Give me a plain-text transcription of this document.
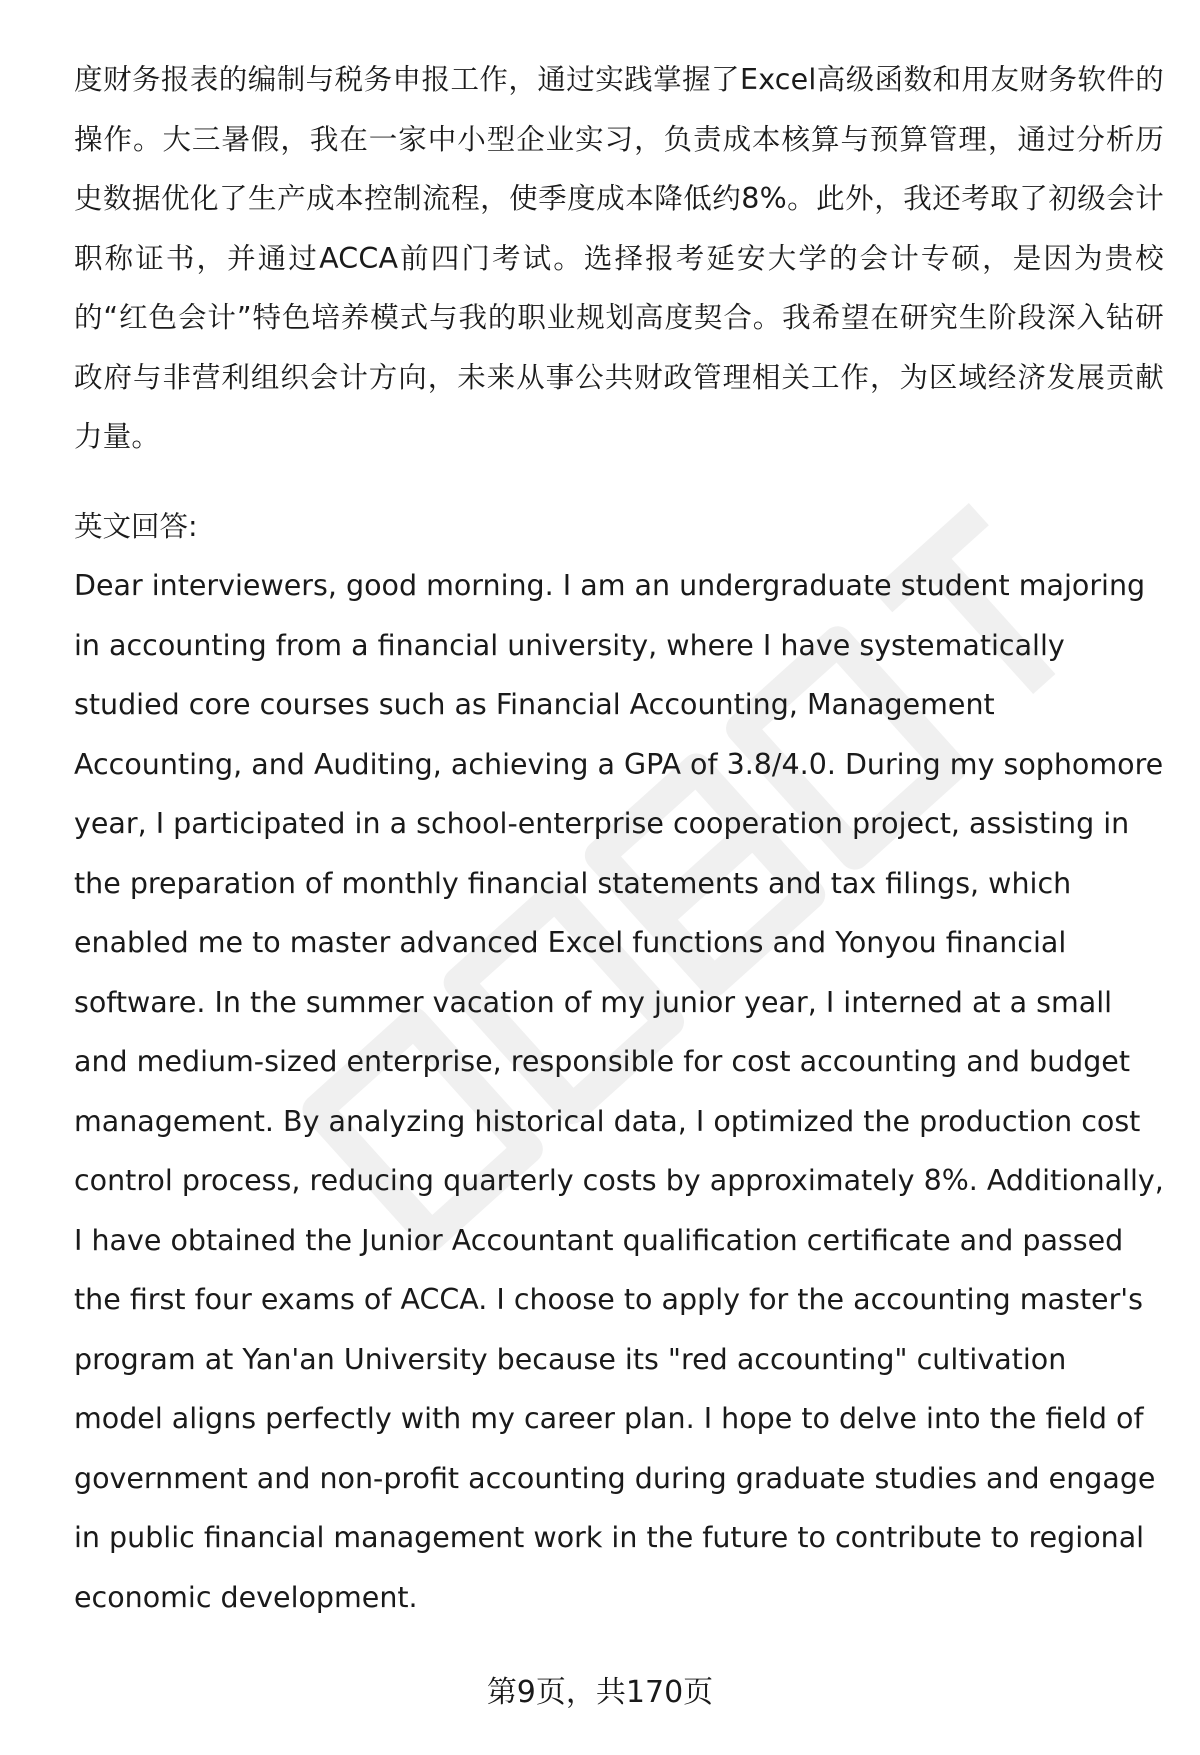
度财务报表的编制与税务申报工作，通过实践掌握了Excel高级函数和用友财务软件的操作。大三暑假，我在一家中小型企业实习，负责成本核算与预算管理，通过分析历史数据优化了生产成本控制流程，使季度成本降低约8%。此外，我还考取了初级会计职称证书，并通过ACCA前四门考试。选择报考延安大学的会计专硕，是因为贵校的“红色会计”特色培养模式与我的职业规划高度契合。我希望在研究生阶段深入钻研政府与非营利组织会计方向，未来从事公共财政管理相关工作，为区域经济发展贡献力量。

英文回答:

Dear interviewers, good morning. I am an undergraduate student majoring in accounting from a financial university, where I have systematically studied core courses such as Financial Accounting, Management Accounting, and Auditing, achieving a GPA of 3.8/4.0. During my sophomore year, I participated in a school-enterprise cooperation project, assisting in the preparation of monthly financial statements and tax filings, which enabled me to master advanced Excel functions and Yonyou financial software. In the summer vacation of my junior year, I interned at a small and medium-sized enterprise, responsible for cost accounting and budget management. By analyzing historical data, I optimized the production cost control process, reducing quarterly costs by approximately 8%. Additionally, I have obtained the Junior Accountant qualification certificate and passed the first four exams of ACCA. I choose to apply for the accounting master's program at Yan'an University because its "red accounting" cultivation model aligns perfectly with my career plan. I hope to delve into the field of government and non-profit accounting during graduate studies and engage in public financial management work in the future to contribute to regional economic development.

第9页，共170页
